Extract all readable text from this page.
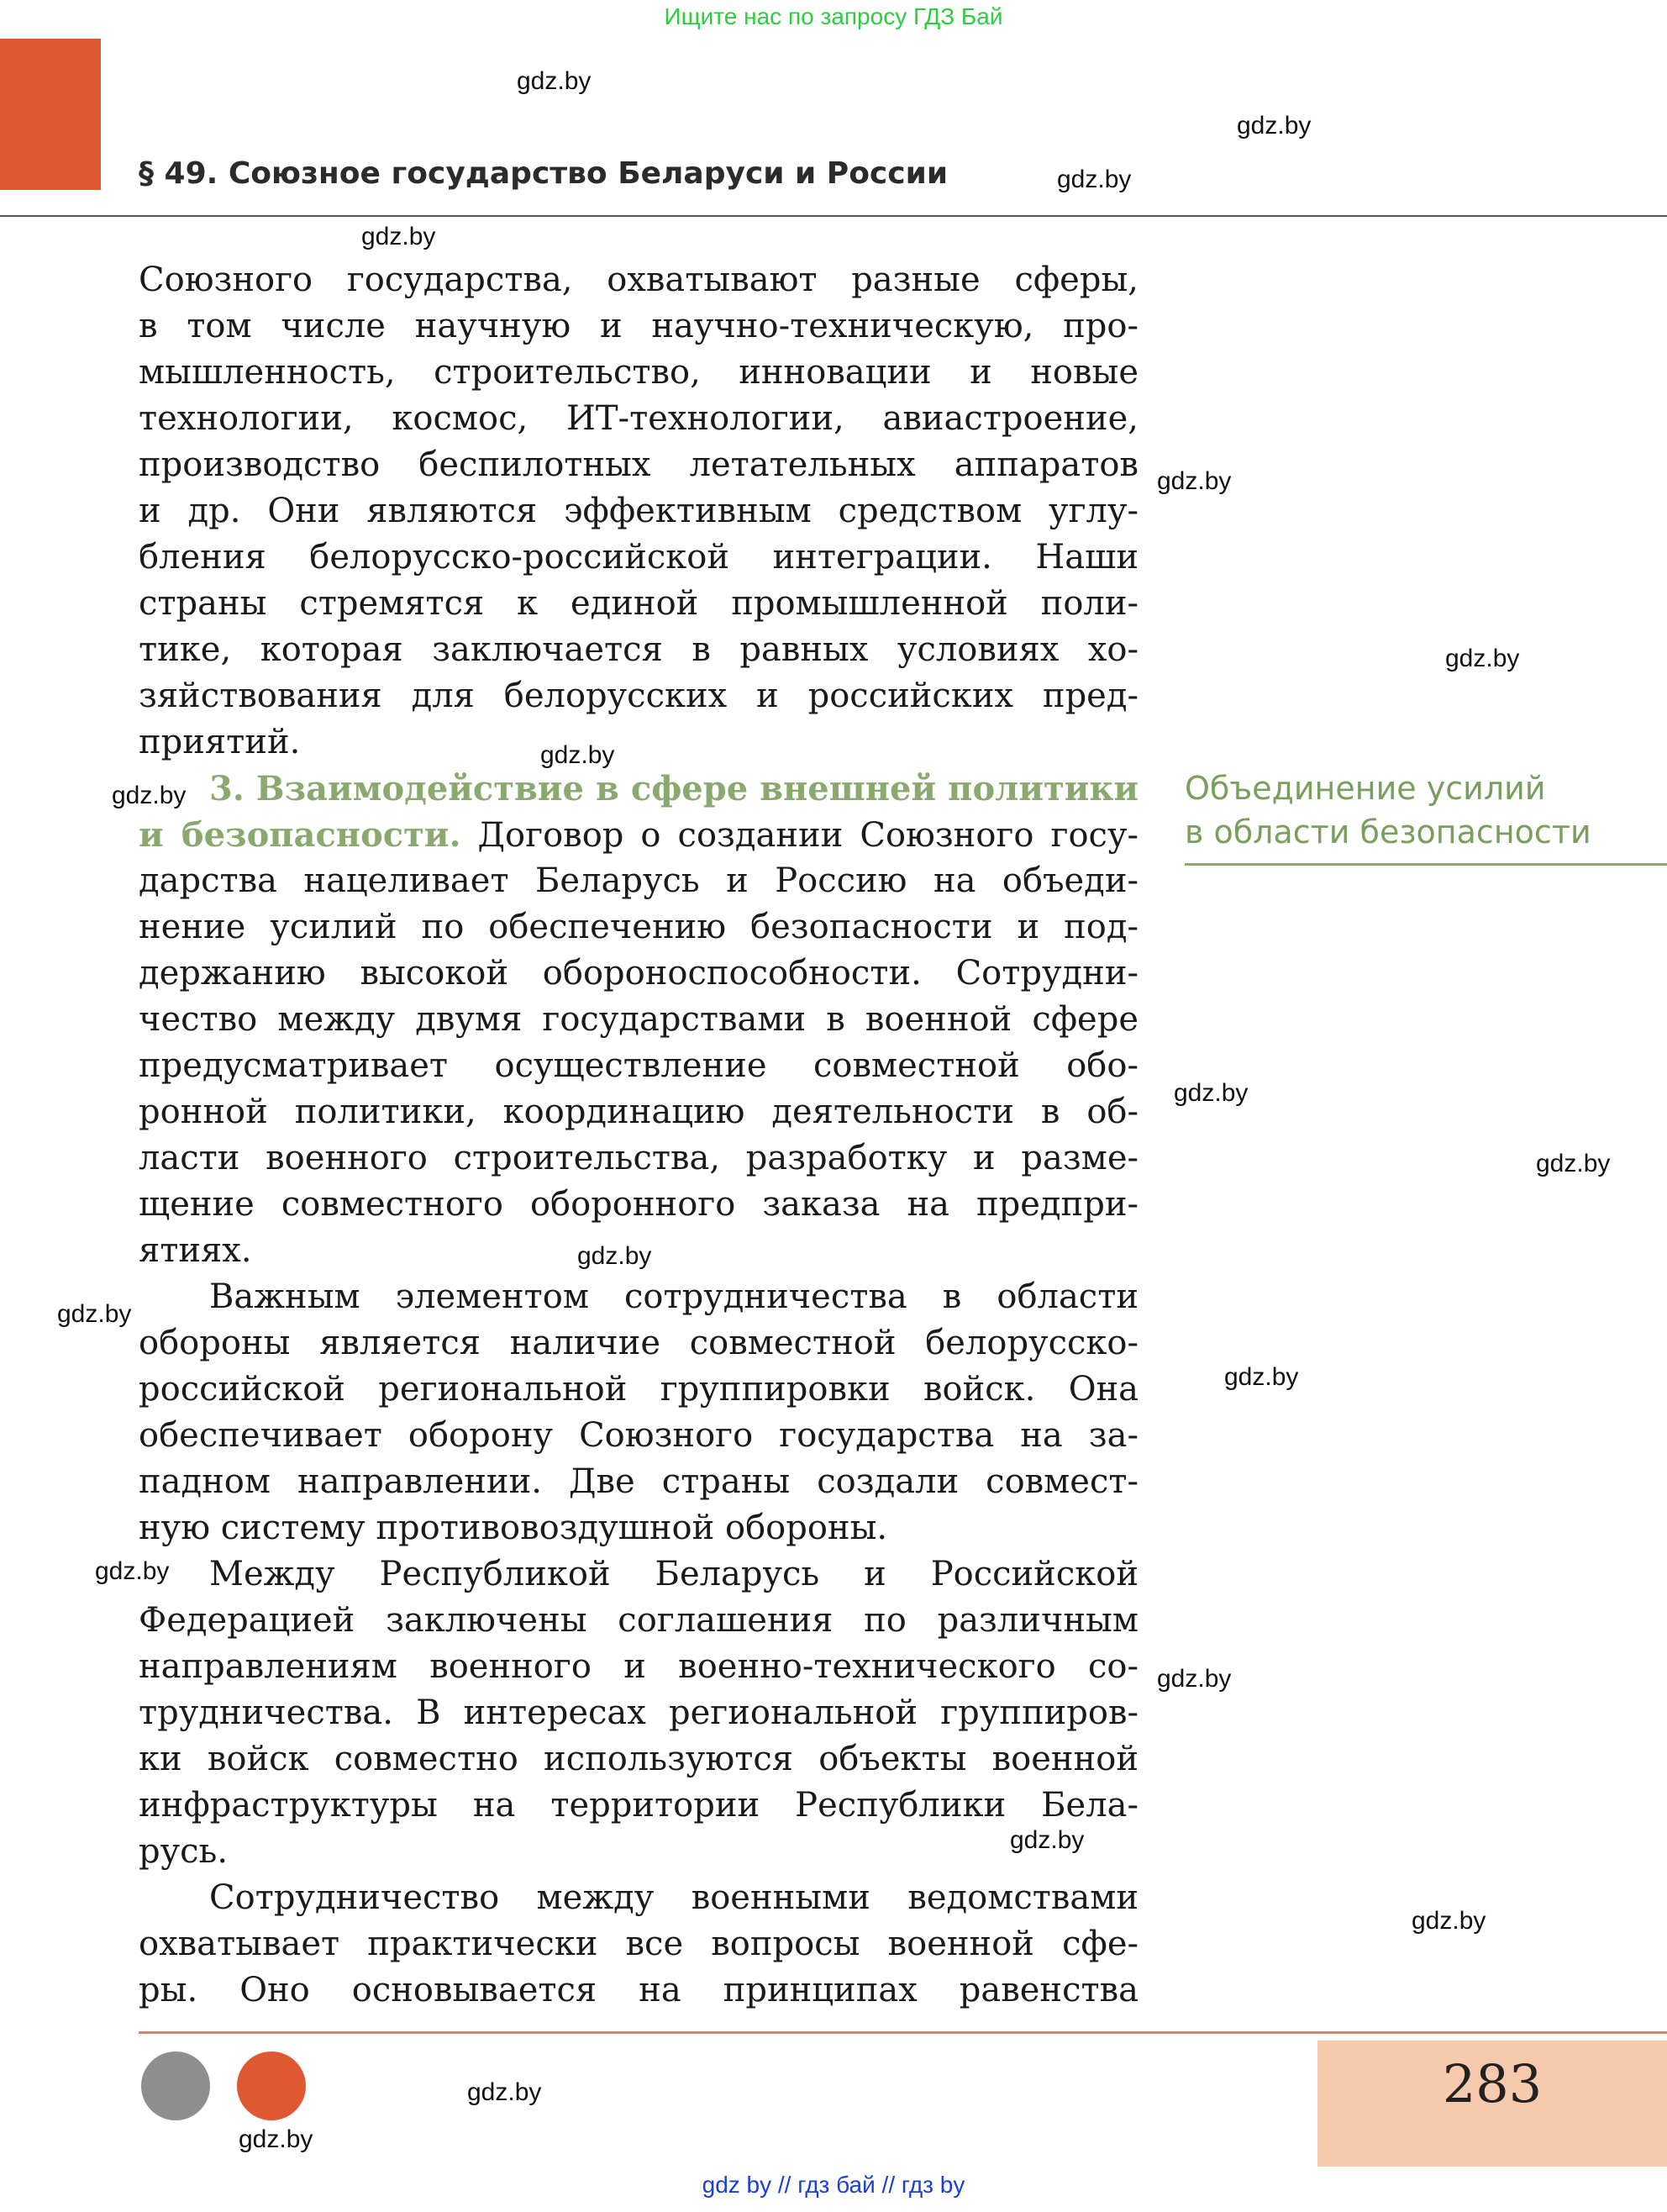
Ищите нас по запросу ГДЗ Бай
§ 49. Союзное государство Беларуси и России
gdz.by
gdz.by
gdz.by
gdz.by
gdz.by
gdz.by
gdz.by
gdz.by
gdz.by
gdz.by
gdz.by
gdz.by
gdz.by
gdz.by
gdz.by
gdz.by
gdz.by
gdz.by
gdz.by
Союзного государства, охватывают разные сферы,
в том числе научную и научно-техническую, про-
мышленность, строительство, инновации и новые
технологии, космос, ИТ-технологии, авиастроение,
производство беспилотных летательных аппаратов
и др. Они являются эффективным средством углу-
бления белорусско-российской интеграции. Наши
страны стремятся к единой промышленной поли-
тике, которая заключается в равных условиях хо-
зяйствования для белорусских и российских пред-
приятий.
3. Взаимодействие в сфере внешней политики
и безопасности. Договор о создании Союзного госу-
дарства нацеливает Беларусь и Россию на объеди-
нение усилий по обеспечению безопасности и под-
держанию высокой обороноспособности. Сотрудни-
чество между двумя государствами в военной сфере
предусматривает осуществление совместной обо-
ронной политики, координацию деятельности в об-
ласти военного строительства, разработку и разме-
щение совместного оборонного заказа на предпри-
ятиях.
Важным элементом сотрудничества в области
обороны является наличие совместной белорусско-
российской региональной группировки войск. Она
обеспечивает оборону Союзного государства на за-
падном направлении. Две страны создали совмест-
ную систему противовоздушной обороны.
Между Республикой Беларусь и Российской
Федерацией заключены соглашения по различным
направлениям военного и военно-технического со-
трудничества. В интересах региональной группиров-
ки войск совместно используются объекты военной
инфраструктуры на территории Республики Бела-
русь.
Сотрудничество между военными ведомствами
охватывает практически все вопросы военной сфе-
ры. Оно основывается на принципах равенства
Объединение усилий
в области безопасности
283
gdz by // гдз бай // гдз by
